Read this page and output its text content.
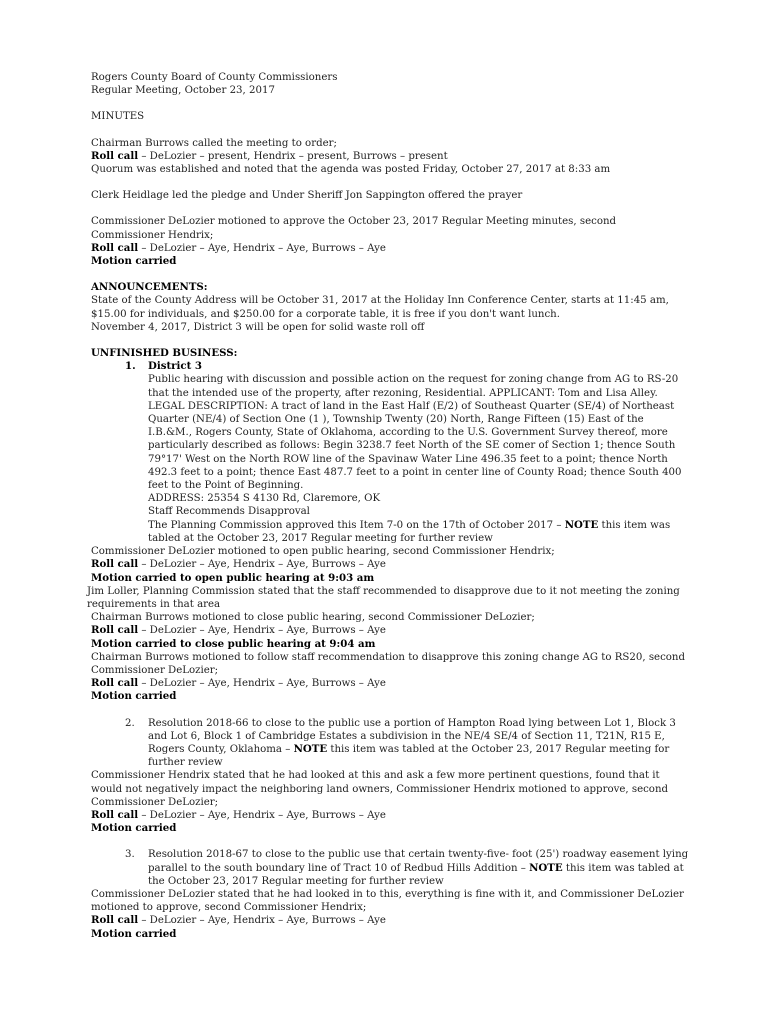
Rogers County Board of County Commissioners

Regular Meeting, October 23, 2017

MINUTES

Chairman Burrows called the meeting to order;

Roll call – DeLozier – present, Hendrix – present, Burrows – present

Quorum was established and noted that the agenda was posted Friday, October 27, 2017 at 8:33 am

Clerk Heidlage led the pledge and Under Sheriff Jon Sappington offered the prayer

Commissioner DeLozier motioned to approve the October 23, 2017 Regular Meeting minutes, second Commissioner Hendrix;

Roll call – DeLozier – Aye, Hendrix – Aye, Burrows – Aye

Motion carried

ANNOUNCEMENTS:

State of the County Address will be October 31, 2017 at the Holiday Inn Conference Center, starts at 11:45 am, $15.00 for individuals, and $250.00 for a corporate table, it is free if you don't want lunch.

November 4, 2017, District 3 will be open for solid waste roll off

UNFINISHED BUSINESS:

1. District 3

Public hearing with discussion and possible action on the request for zoning change from AG to RS-20 that the intended use of the property, after rezoning, Residential. APPLICANT: Tom and Lisa Alley. LEGAL DESCRIPTION: A tract of land in the East Half (E/2) of Southeast Quarter (SE/4) of Northeast Quarter (NE/4) of Section One (1 ), Township Twenty (20) North, Range Fifteen (15) East of the I.B.&M., Rogers County, State of Oklahoma, according to the U.S. Government Survey thereof, more particularly described as follows: Begin 3238.7 feet North of the SE comer of Section 1; thence South 79°17' West on the North ROW line of the Spavinaw Water Line 496.35 feet to a point; thence North 492.3 feet to a point; thence East 487.7 feet to a point in center line of County Road; thence South 400 feet to the Point of Beginning.

ADDRESS: 25354 S 4130 Rd, Claremore, OK

Staff Recommends Disapproval

The Planning Commission approved this Item 7-0 on the 17th of October 2017 – NOTE this item was tabled at the October 23, 2017 Regular meeting for further review

Commissioner DeLozier motioned to open public hearing, second Commissioner Hendrix;

Roll call – DeLozier – Aye, Hendrix – Aye, Burrows – Aye

Motion carried to open public hearing at 9:03 am

Jim Loller, Planning Commission stated that the staff recommended to disapprove due to it not meeting the zoning requirements in that area

Chairman Burrows motioned to close public hearing, second Commissioner DeLozier;

Roll call – DeLozier – Aye, Hendrix – Aye, Burrows – Aye

Motion carried to close public hearing at 9:04 am

Chairman Burrows motioned to follow staff recommendation to disapprove this zoning change AG to RS20, second Commissioner DeLozier;

Roll call – DeLozier – Aye, Hendrix – Aye, Burrows – Aye

Motion carried

2. Resolution 2018-66 to close to the public use a portion of Hampton Road lying between Lot 1, Block 3 and Lot 6, Block 1 of Cambridge Estates a subdivision in the NE/4 SE/4 of Section 11, T21N, R15 E, Rogers County, Oklahoma – NOTE this item was tabled at the October 23, 2017 Regular meeting for further review

Commissioner Hendrix stated that he had looked at this and ask a few more pertinent questions, found that it would not negatively impact the neighboring land owners, Commissioner Hendrix motioned to approve, second Commissioner DeLozier;

Roll call – DeLozier – Aye, Hendrix – Aye, Burrows – Aye

Motion carried

3. Resolution 2018-67 to close to the public use that certain twenty-five- foot (25') roadway easement lying parallel to the south boundary line of Tract 10 of Redbud Hills Addition – NOTE this item was tabled at the October 23, 2017 Regular meeting for further review

Commissioner DeLozier stated that he had looked in to this, everything is fine with it, and Commissioner DeLozier motioned to approve, second Commissioner Hendrix;

Roll call – DeLozier – Aye, Hendrix – Aye, Burrows – Aye

Motion carried
